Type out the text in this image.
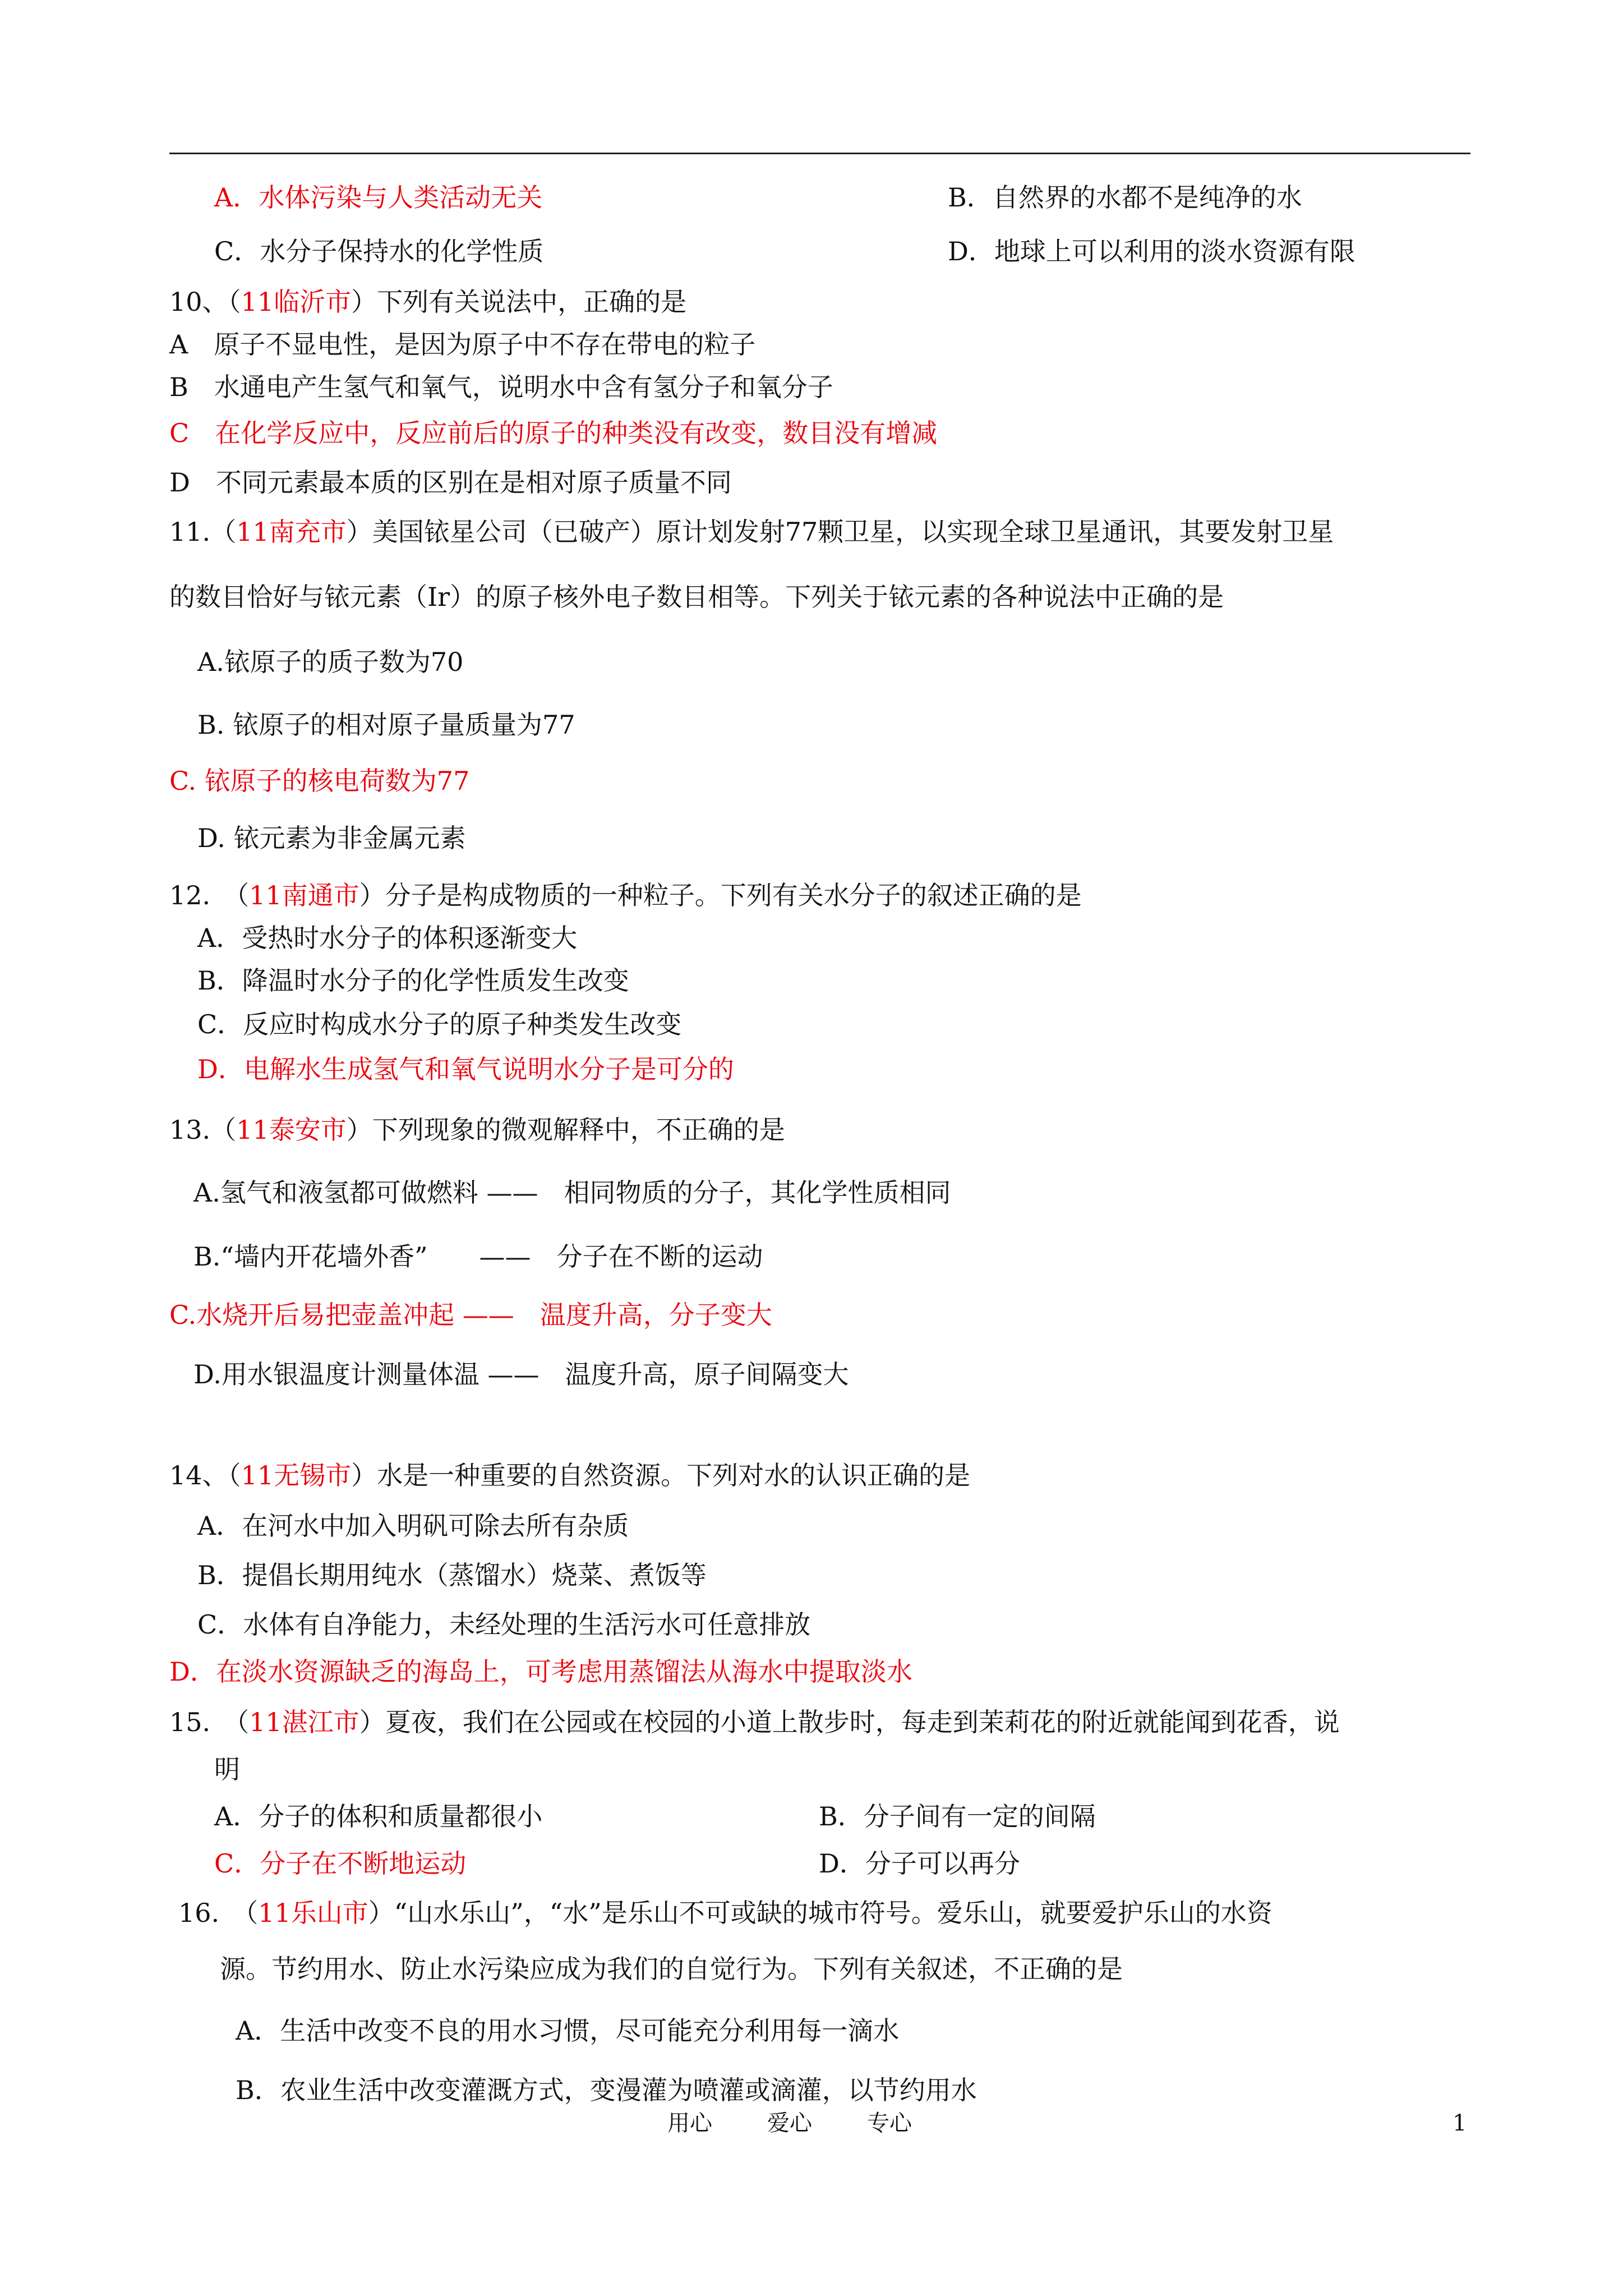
A．水体污染与人类活动无关	B．自然界的水都不是纯净的水
C．水分子保持水的化学性质	D．地球上可以利用的淡水资源有限
10、（11临沂市）下列有关说法中，正确的是
A　原子不显电性，是因为原子中不存在带电的粒子
B　水通电产生氢气和氧气，说明水中含有氢分子和氧分子
C　在化学反应中，反应前后的原子的种类没有改变，数目没有增减
D　不同元素最本质的区别在是相对原子质量不同
11.（11南充市）美国铱星公司（已破产）原计划发射77颗卫星，以实现全球卫星通讯，其要发射卫星
的数目恰好与铱元素（Ir）的原子核外电子数目相等。下列关于铱元素的各种说法中正确的是
A.铱原子的质子数为70
B. 铱原子的相对原子量质量为77
C. 铱原子的核电荷数为77
D. 铱元素为非金属元素
12.　（11南通市）分子是构成物质的一种粒子。下列有关水分子的叙述正确的是
A．受热时水分子的体积逐渐变大
B．降温时水分子的化学性质发生改变
C．反应时构成水分子的原子种类发生改变
D．电解水生成氢气和氧气说明水分子是可分的
13.（11泰安市）下列现象的微观解释中，不正确的是
A.氢气和液氢都可做燃料 ——　相同物质的分子，其化学性质相同
B.“墙内开花墙外香”　　——　分子在不断的运动
C.水烧开后易把壶盖冲起 ——　温度升高，分子变大
D.用水银温度计测量体温 ——　温度升高，原子间隔变大
14、（11无锡市）水是一种重要的自然资源。下列对水的认识正确的是
A．在河水中加入明矾可除去所有杂质
B．提倡长期用纯水（蒸馏水）烧菜、煮饭等
C．水体有自净能力，未经处理的生活污水可任意排放
D．在淡水资源缺乏的海岛上，可考虑用蒸馏法从海水中提取淡水
15.　（11湛江市）夏夜，我们在公园或在校园的小道上散步时，每走到茉莉花的附近就能闻到花香，说
明
A．分子的体积和质量都很小	B．分子间有一定的间隔
C．分子在不断地运动	D．分子可以再分
16.　（11乐山市）“山水乐山”，“水”是乐山不可或缺的城市符号。爱乐山，就要爱护乐山的水资
源。节约用水、防止水污染应成为我们的自觉行为。下列有关叙述，不正确的是
A．生活中改变不良的用水习惯，尽可能充分利用每一滴水
B．农业生活中改变灌溉方式，变漫灌为喷灌或滴灌，以节约用水
用心 爱心 专心	1
